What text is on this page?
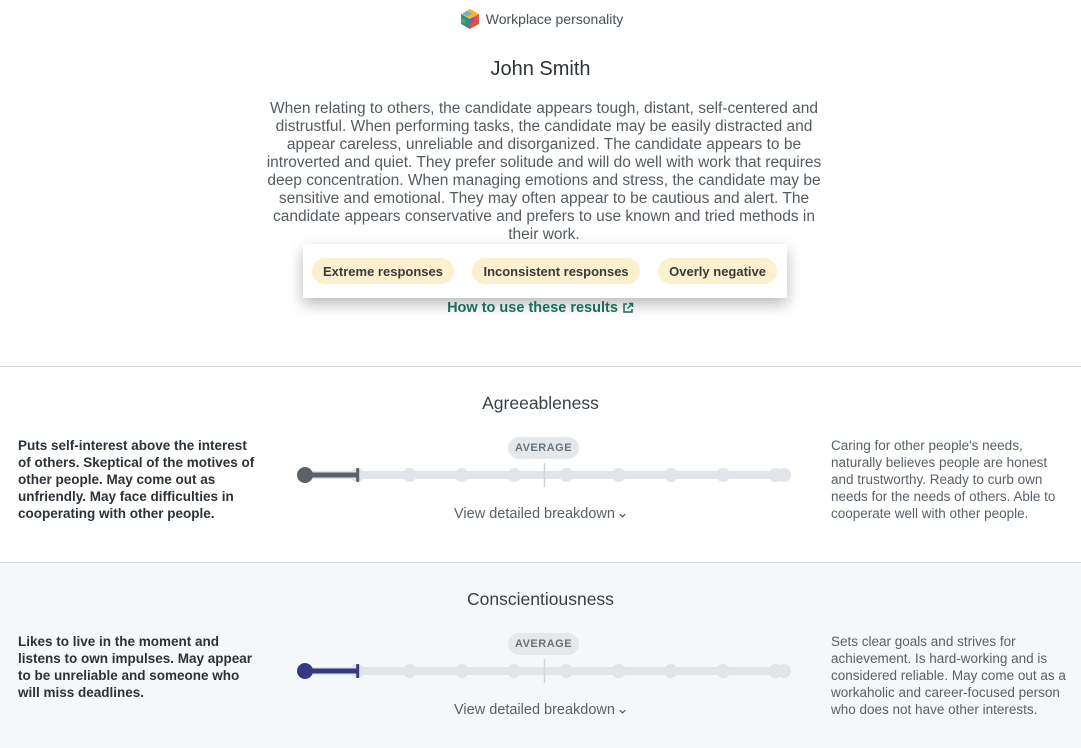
Workplace personality
John Smith
When relating to others, the candidate appears tough, distant, self-centered and distrustful. When performing tasks, the candidate may be easily distracted and appear careless, unreliable and disorganized. The candidate appears to be introverted and quiet. They prefer solitude and will do well with work that requires deep concentration. When managing emotions and stress, the candidate may be sensitive and emotional. They may often appear to be cautious and alert. The candidate appears conservative and prefers to use known and tried methods in their work.
Extreme responses	Inconsistent responses	Overly negative
How to use these results
Agreeableness
Puts self-interest above the interest of others. Skeptical of the motives of other people. May come out as unfriendly. May face difficulties in cooperating with other people.
Caring for other people's needs, naturally believes people are honest and trustworthy. Ready to curb own needs for the needs of others. Able to cooperate well with other people.
AVERAGE
View detailed breakdown
Conscientiousness
Likes to live in the moment and listens to own impulses. May appear to be unreliable and someone who will miss deadlines.
Sets clear goals and strives for achievement. Is hard-working and is considered reliable. May come out as a workaholic and career-focused person who does not have other interests.
AVERAGE
View detailed breakdown
